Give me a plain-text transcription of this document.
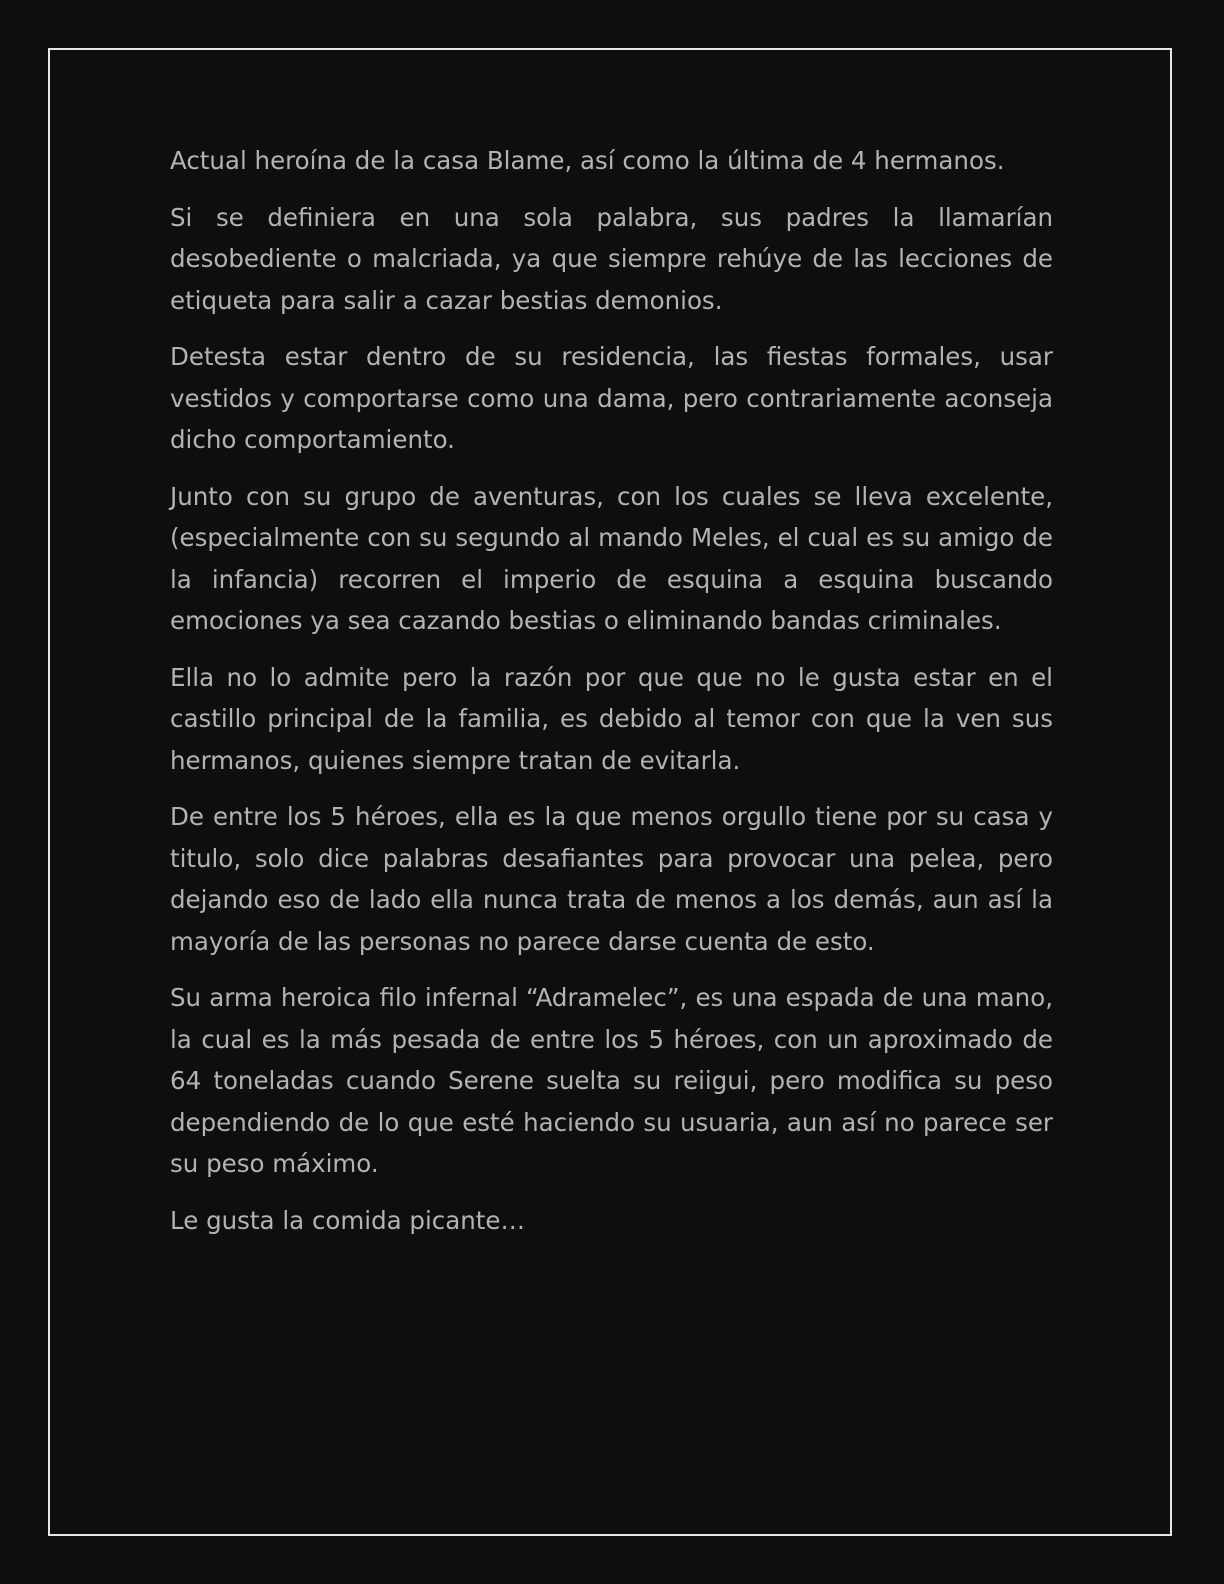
Actual heroína de la casa Blame, así como la última de 4 hermanos.

Si se definiera en una sola palabra, sus padres la llamarían desobediente o malcriada, ya que siempre rehúye de las lecciones de etiqueta para salir a cazar bestias demonios.

Detesta estar dentro de su residencia, las fiestas formales, usar vestidos y comportarse como una dama, pero contrariamente aconseja dicho comportamiento.

Junto con su grupo de aventuras, con los cuales se lleva excelente, (especialmente con su segundo al mando Meles, el cual es su amigo de la infancia) recorren el imperio de esquina a esquina buscando emociones ya sea cazando bestias o eliminando bandas criminales.

Ella no lo admite pero la razón por que que no le gusta estar en el castillo principal de la familia, es debido al temor con que la ven sus hermanos, quienes siempre tratan de evitarla.

De entre los 5 héroes, ella es la que menos orgullo tiene por su casa y titulo, solo dice palabras desafiantes para provocar una pelea, pero dejando eso de lado ella nunca trata de menos a los demás, aun así la mayoría de las personas no parece darse cuenta de esto.

Su arma heroica filo infernal “Adramelec”, es una espada de una mano, la cual es la más pesada de entre los 5 héroes, con un aproximado de 64 toneladas cuando Serene suelta su reiigui, pero modifica su peso dependiendo de lo que esté haciendo su usuaria, aun así no parece ser su peso máximo.

Le gusta la comida picante…
